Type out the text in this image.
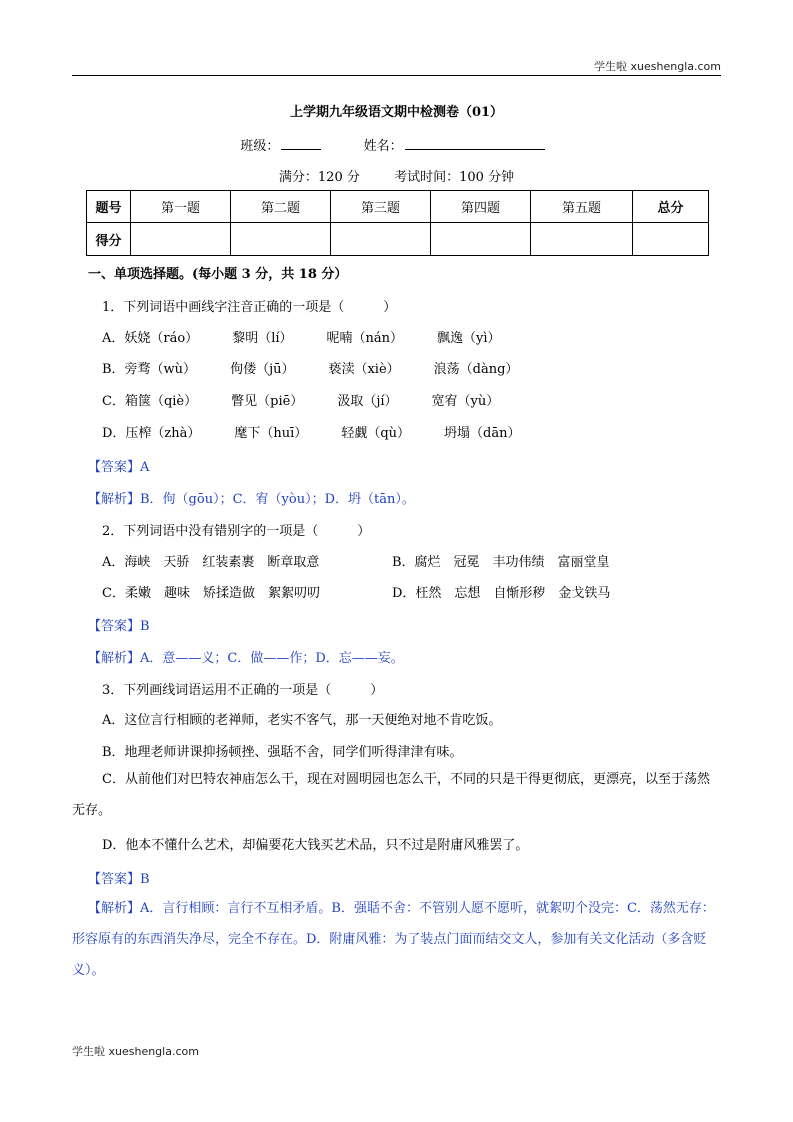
学生啦 xueshengla.com
上学期九年级语文期中检测卷（01）
班级：	姓名：
满分：120 分	考试时间：100 分钟
题号	第一题	第二题	第三题	第四题	第五题	总分
得分						
一、单项选择题。(每小题 3 分，共 18 分）
1．下列词语中画线字注音正确的一项是（　　　）
A．妖娆（ráo）	黎明（lí）	呢喃（nán）	飘逸（yì）
B．旁骛（wù）	佝偻（jū）	亵渎（xiè）	浪荡（dàng）
C．箱箧（qiè）	瞥见（piē）	汲取（jí）	宽宥（yù）
D．压榨（zhà）	麾下（huī）	轻觑（qù）	坍塌（dān）
【答案】A
【解析】B．佝（gōu）；C．宥（yòu）；D．坍（tān）。
2．下列词语中没有错别字的一项是（　　　）
A．海峡　天骄　红装素裹　断章取意	B．腐烂　冠冕　丰功伟绩　富丽堂皇
C．柔嫩　趣味　矫揉造做　絮絮叨叨	D．枉然　忘想　自惭形秽　金戈铁马
【答案】B
【解析】A．意——义；C．做——作；D．忘——妄。
3．下列画线词语运用不正确的一项是（　　　）
A．这位言行相顾的老禅师，老实不客气，那一天便绝对地不肯吃饭。
B．地理老师讲课抑扬顿挫、强聒不舍，同学们听得津津有味。
C．从前他们对巴特农神庙怎么干，现在对圆明园也怎么干，不同的只是干得更彻底，更漂亮，以至于荡然无存。
D．他本不懂什么艺术，却偏要花大钱买艺术品，只不过是附庸风雅罢了。
【答案】B
【解析】A．言行相顾：言行不互相矛盾。B．强聒不舍：不管别人愿不愿听，就絮叨个没完：C．荡然无存：形容原有的东西消失净尽，完全不存在。D．附庸风雅：为了装点门面而结交文人，参加有关文化活动（多含贬义）。
学生啦 xueshengla.com
